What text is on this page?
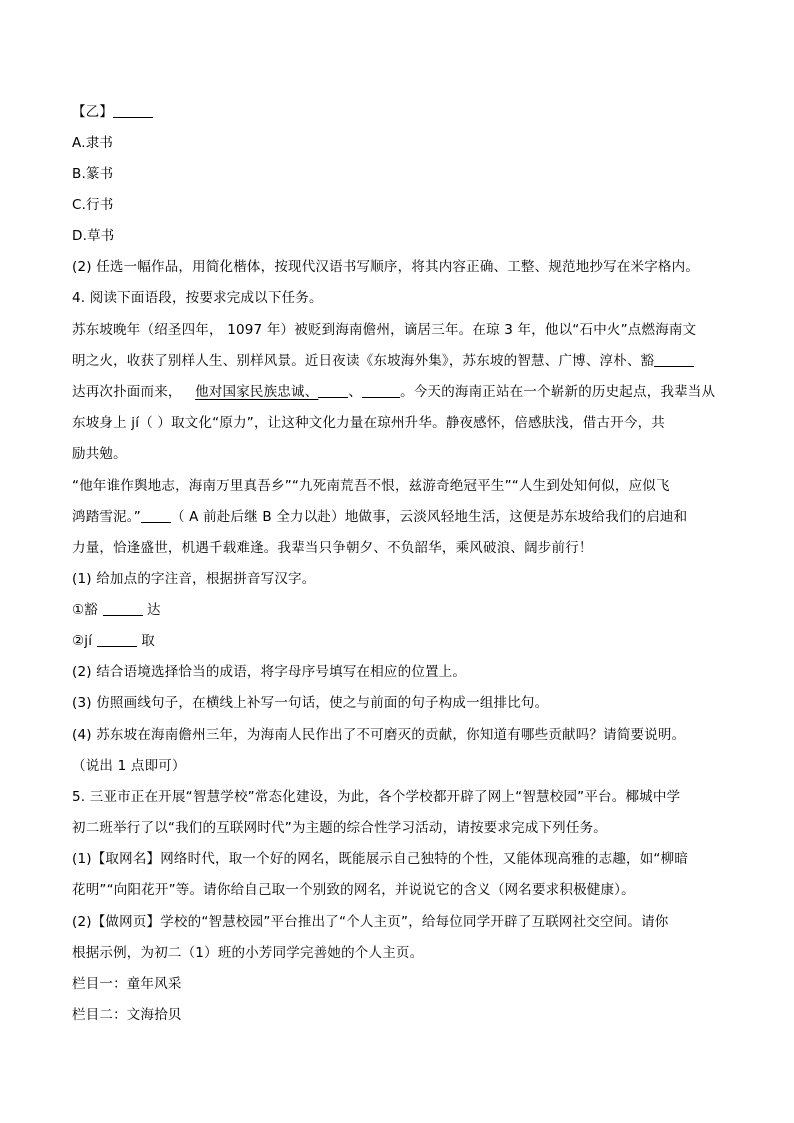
【乙】
A.隶书
B.篆书
C.行书
D.草书
(2) 任选一幅作品，用简化楷体，按现代汉语书写顺序，将其内容正确、工整、规范地抄写在米字格内。
4. 阅读下面语段，按要求完成以下任务。
苏东坡晚年（绍圣四年， 1097 年）被贬到海南儋州，谪居三年。在琼 3 年，他以“石中火”点燃海南文
明之火，收获了别样人生、别样风景。近日夜读《东坡海外集》，苏东坡的智慧、广博、淳朴、豁
达再次扑面而来， 他对国家民族忠诚、 、	。今天的海南正站在一个崭新的历史起点，我辈当从
东坡身上 jí（ ）取文化“原力”，让这种文化力量在琼州升华。静夜感怀，倍感肤浅，借古开今，共
励共勉。
“他年谁作舆地志，海南万里真吾乡”“九死南荒吾不恨，兹游奇绝冠平生”“人生到处知何似，应似飞
鸿踏雪泥。” （ A 前赴后继 B 全力以赴）地做事，云淡风轻地生活，这便是苏东坡给我们的启迪和
力量，恰逢盛世，机遇千载难逢。我辈当只争朝夕、不负韶华，乘风破浪、阔步前行！
(1) 给加点的字注音，根据拼音写汉字。
①豁	达
②jí	取
(2) 结合语境选择恰当的成语，将字母序号填写在相应的位置上。
(3) 仿照画线句子，在横线上补写一句话，使之与前面的句子构成一组排比句。
(4) 苏东坡在海南儋州三年，为海南人民作出了不可磨灭的贡献，你知道有哪些贡献吗？请简要说明。
（说出 1 点即可）
5. 三亚市正在开展“智慧学校”常态化建设，为此，各个学校都开辟了网上“智慧校园”平台。椰城中学
初二班举行了以“我们的互联网时代”为主题的综合性学习活动，请按要求完成下列任务。
(1)【取网名】网络时代，取一个好的网名，既能展示自己独特的个性，又能体现高雅的志趣，如“柳暗
花明”“向阳花开”等。请你给自己取一个别致的网名，并说说它的含义（网名要求积极健康）。
(2)【做网页】学校的“智慧校园”平台推出了“个人主页”，给每位同学开辟了互联网社交空间。请你
根据示例，为初二（1）班的小芳同学完善她的个人主页。
栏目一：童年风采
栏目二：文海拾贝
